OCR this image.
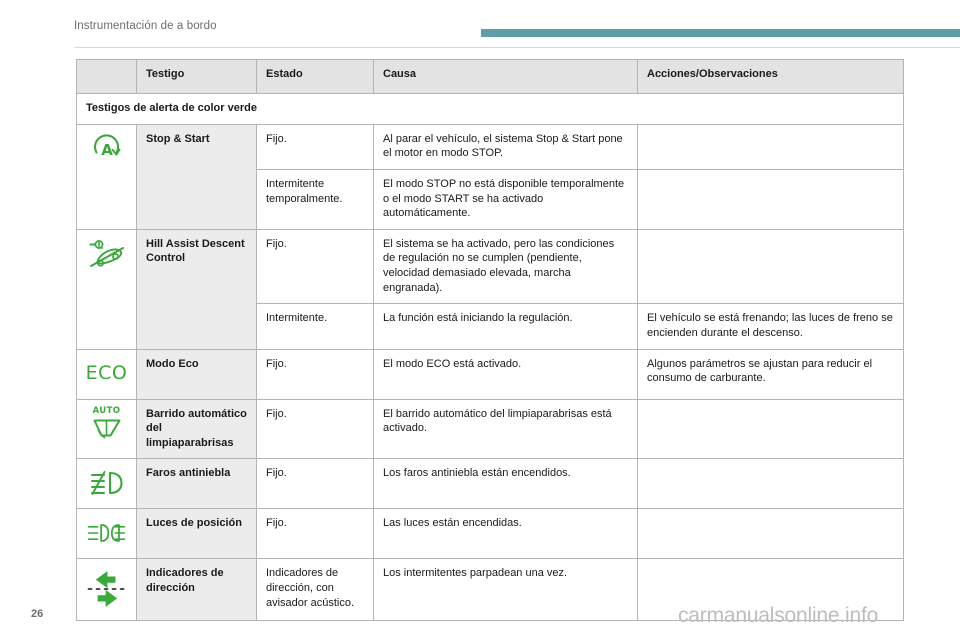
Instrumentación de a bordo
	Testigo	Estado	Causa	Acciones/Observaciones
Testigos de alerta de color verde				

A	Stop & Start	Fijo.	Al parar el vehículo, el sistema Stop & Start pone el motor en modo STOP.	
		Intermitente temporalmente.	El modo STOP no está disponible temporalmente o el modo START se ha activado automáticamente.	

	Hill Assist Descent Control	Fijo.	El sistema se ha activado, pero las condiciones de regulación no se cumplen (pendiente, velocidad demasiado elevada, marcha engranada).	
		Intermitente.	La función está iniciando la regulación.	El vehículo se está frenando; las luces de freno se encienden durante el descenso.

ECO	Modo Eco	Fijo.	El modo ECO está activado.	Algunos parámetros se ajustan para reducir el consumo de carburante.

AUTO	Barrido automático del limpiaparabrisas	Fijo.	El barrido automático del limpiaparabrisas está activado.	

	Faros antiniebla	Fijo.	Los faros antiniebla están encendidos.	

	Luces de posición	Fijo.	Las luces están encendidas.	

	Indicadores de dirección	Indicadores de dirección, con avisador acústico.	Los intermitentes parpadean una vez.	
26	carmanualsonline.info
